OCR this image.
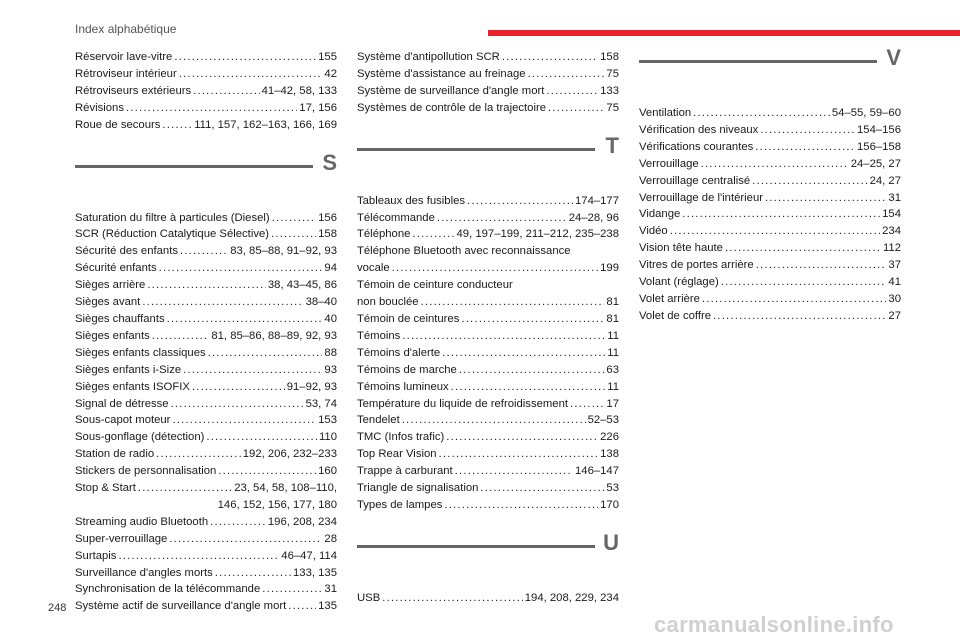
Index alphabétique
Réservoir lave-vitre .....	155
Rétroviseur intérieur .....	42
Rétroviseurs extérieurs .....	41–42, 58, 133
Révisions .....	17, 156
Roue de secours .....	111, 157, 162–163, 166, 169
S
Saturation du filtre à particules (Diesel) .....	156
SCR (Réduction Catalytique Sélective) .....	158
Sécurité des enfants .....	83, 85–88, 91–92, 93
Sécurité enfants .....	94
Sièges arrière .....	38, 43–45, 86
Sièges avant .....	38–40
Sièges chauffants .....	40
Sièges enfants .....	81, 85–86, 88–89, 92, 93
Sièges enfants classiques .....	88
Sièges enfants i-Size .....	93
Sièges enfants ISOFIX .....	91–92, 93
Signal de détresse .....	53, 74
Sous-capot moteur .....	153
Sous-gonflage (détection) .....	110
Station de radio .....	192, 206, 232–233
Stickers de personnalisation .....	160
Stop & Start .....	23, 54, 58, 108–110,
146, 152, 156, 177, 180
Streaming audio Bluetooth .....	196, 208, 234
Super-verrouillage .....	28
Surtapis .....	46–47, 114
Surveillance d'angles morts .....	133, 135
Synchronisation de la télécommande .....	31
Système actif de surveillance d'angle mort .....	135
Système d'antipollution SCR .....	158
Système d'assistance au freinage .....	75
Système de surveillance d'angle mort .....	133
Systèmes de contrôle de la trajectoire .....	75
T
Tableaux des fusibles .....	174–177
Télécommande .....	24–28, 96
Téléphone .....	49, 197–199, 211–212, 235–238
Téléphone Bluetooth avec reconnaissance
vocale .....	199
Témoin de ceinture conducteur
non bouclée .....	81
Témoin de ceintures .....	81
Témoins .....	11
Témoins d'alerte .....	11
Témoins de marche .....	63
Témoins lumineux .....	11
Température du liquide de refroidissement .....	17
Tendelet .....	52–53
TMC (Infos trafic) .....	226
Top Rear Vision .....	138
Trappe à carburant .....	146–147
Triangle de signalisation .....	53
Types de lampes .....	170
U
USB .....	194, 208, 229, 234
V
Ventilation .....	54–55, 59–60
Vérification des niveaux .....	154–156
Vérifications courantes .....	156–158
Verrouillage .....	24–25, 27
Verrouillage centralisé .....	24, 27
Verrouillage de l'intérieur .....	31
Vidange .....	154
Vidéo .....	234
Vision tête haute .....	112
Vitres de portes arrière .....	37
Volant (réglage) .....	41
Volet arrière .....	30
Volet de coffre .....	27
248
carmanualsonline.info
